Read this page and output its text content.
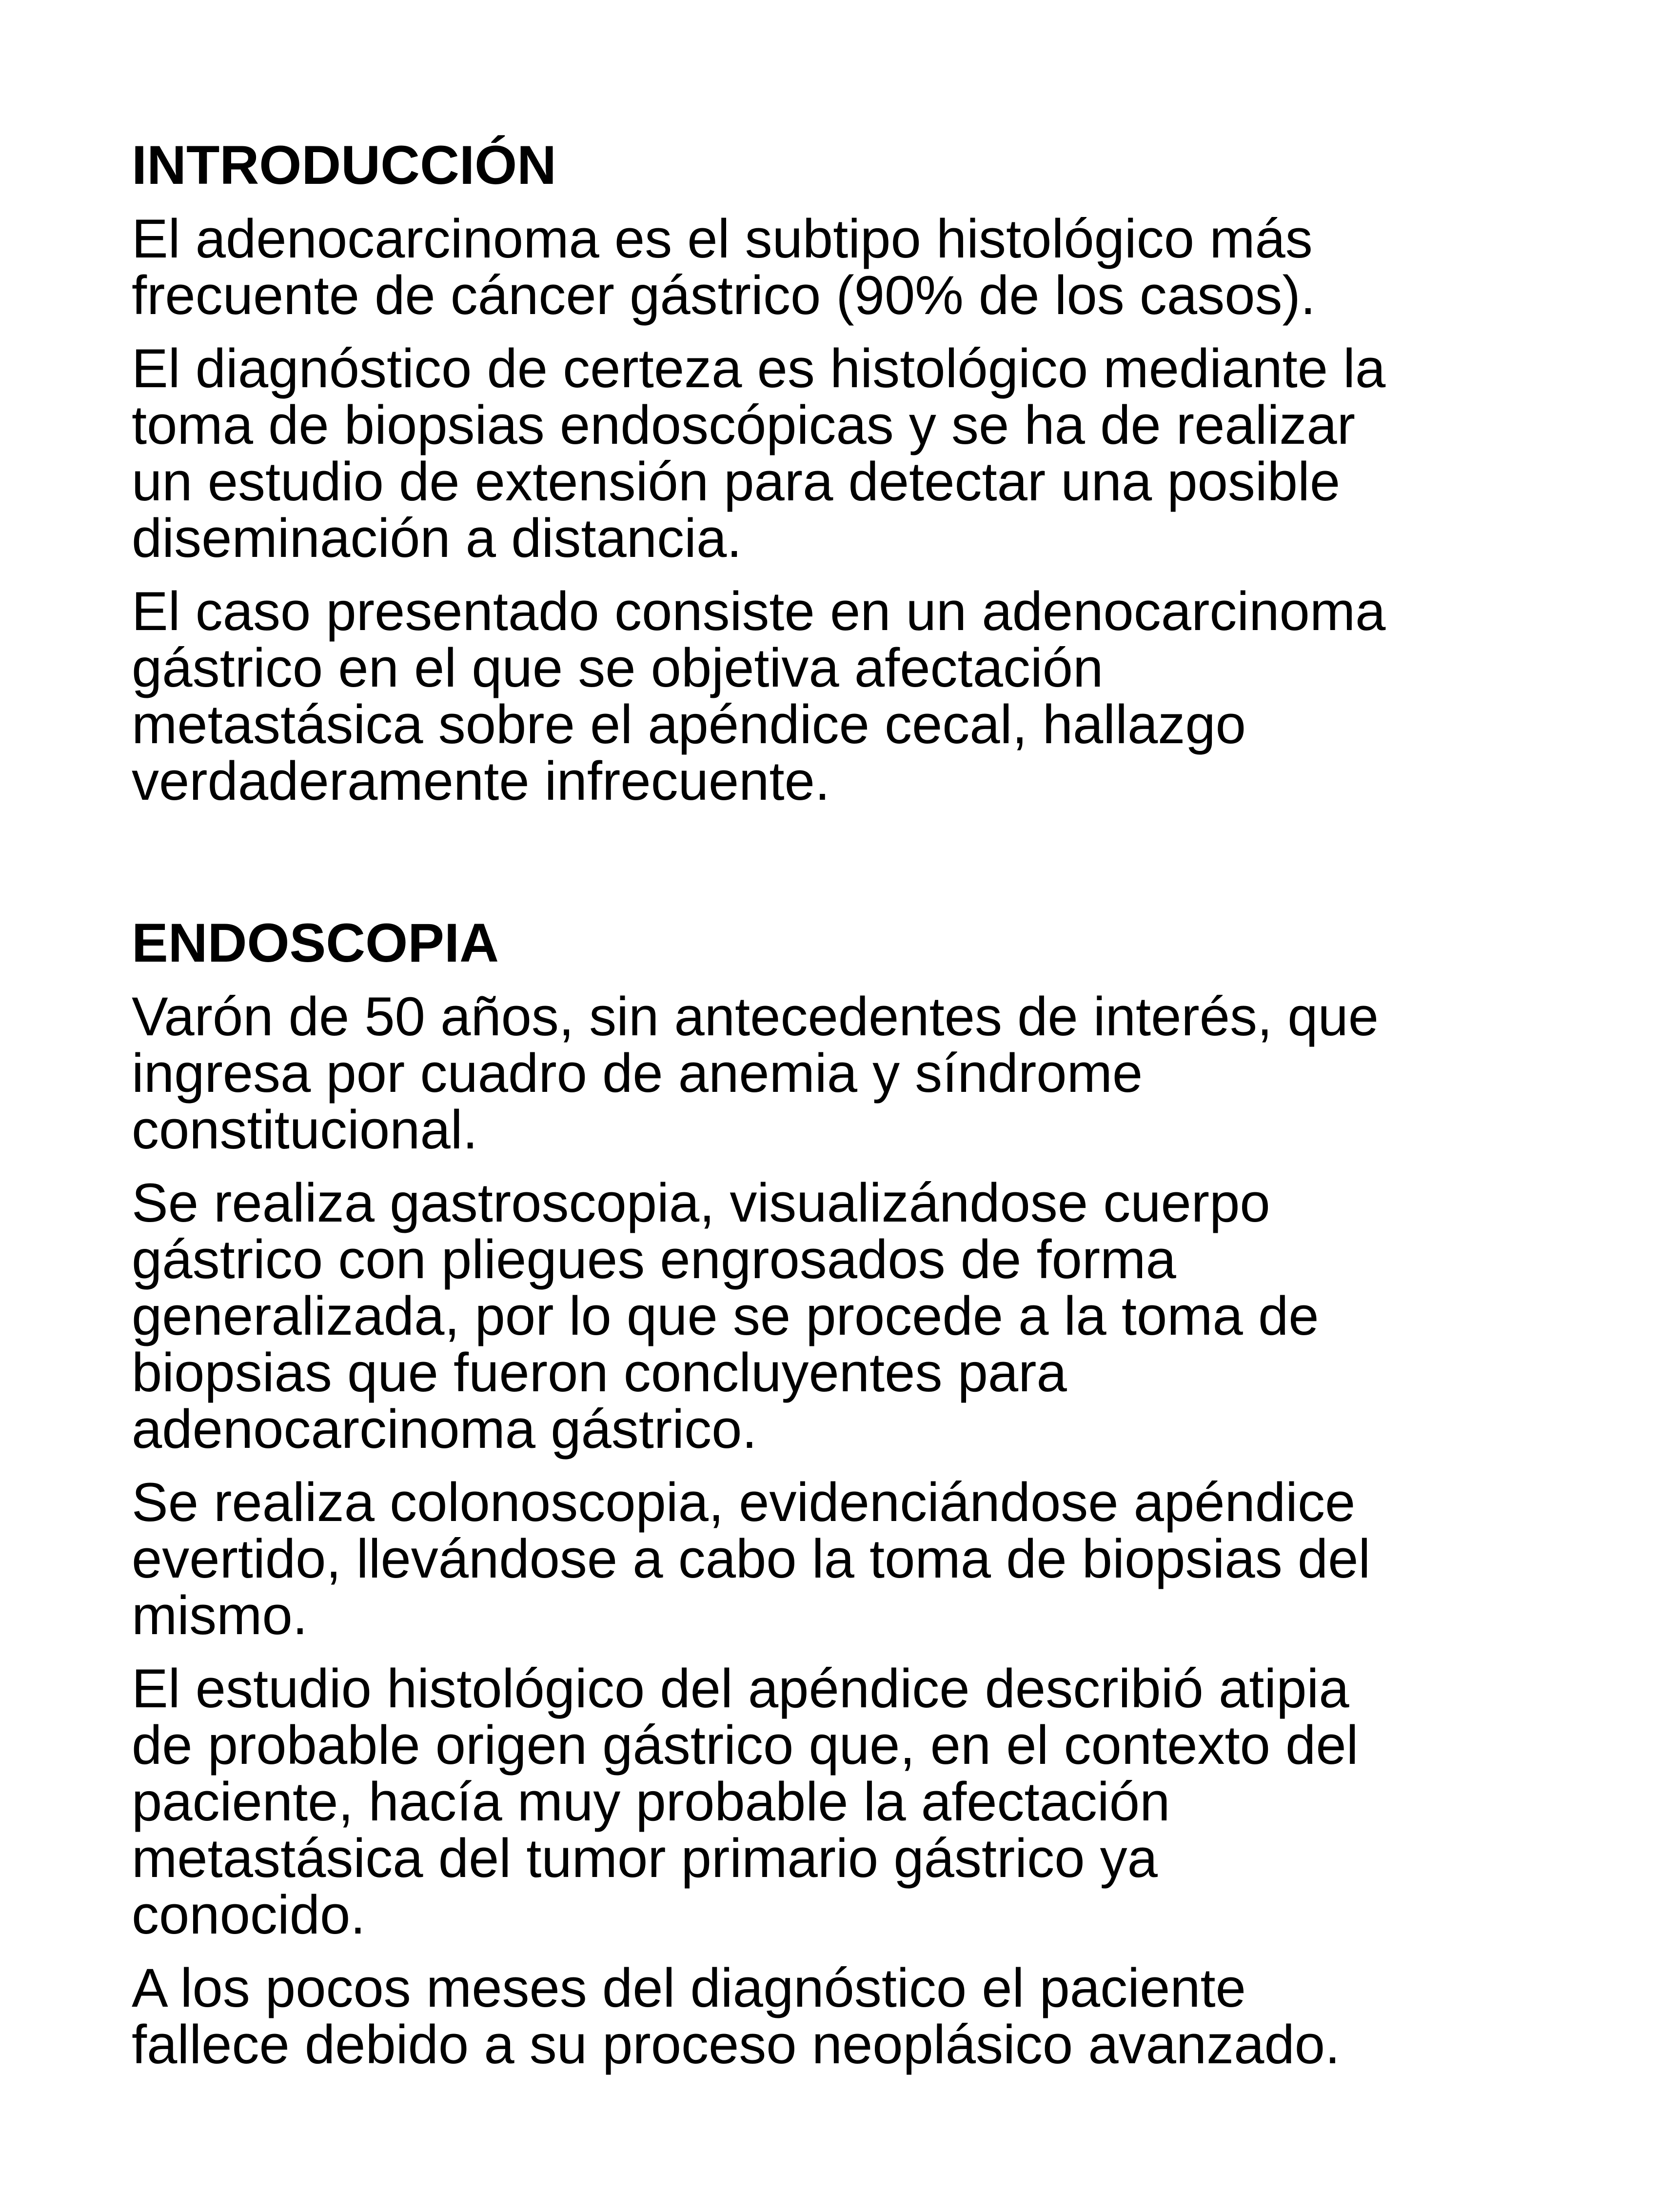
INTRODUCCIÓN

El adenocarcinoma es el subtipo histológico más
frecuente de cáncer gástrico (90% de los casos).

El diagnóstico de certeza es histológico mediante la
toma de biopsias endoscópicas y se ha de realizar
un estudio de extensión para detectar una posible
diseminación a distancia.

El caso presentado consiste en un adenocarcinoma
gástrico en el que se objetiva afectación
metastásica sobre el apéndice cecal, hallazgo
verdaderamente infrecuente.

ENDOSCOPIA

Varón de 50 años, sin antecedentes de interés, que
ingresa por cuadro de anemia y síndrome
constitucional.

Se realiza gastroscopia, visualizándose cuerpo
gástrico con pliegues engrosados de forma
generalizada, por lo que se procede a la toma de
biopsias que fueron concluyentes para
adenocarcinoma gástrico.

Se realiza colonoscopia, evidenciándose apéndice
evertido, llevándose a cabo la toma de biopsias del
mismo.

El estudio histológico del apéndice describió atipia
de probable origen gástrico que, en el contexto del
paciente, hacía muy probable la afectación
metastásica del tumor primario gástrico ya
conocido.

A los pocos meses del diagnóstico el paciente
fallece debido a su proceso neoplásico avanzado.
